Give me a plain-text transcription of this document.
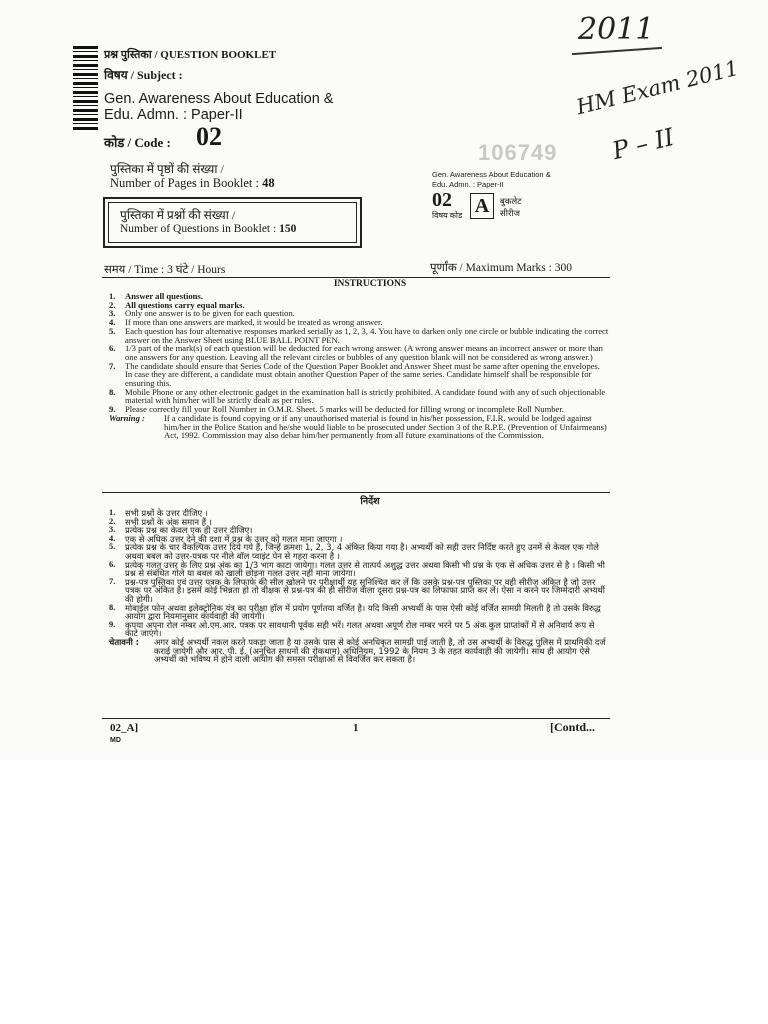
2011
HM Exam 2011
P – II
प्रश्न पुस्तिका / QUESTION BOOKLET
विषय / Subject :
Gen. Awareness About Education &
Edu. Admn. : Paper-II
कोड / Code : 02
पुस्तिका में पृष्ठों की संख्या /
Number of Pages in Booklet : 48
पुस्तिका में प्रश्नों की संख्या /
Number of Questions in Booklet : 150
106749
Gen. Awareness About Education &
Edu. Admn. : Paper-II
02
विषय कोड A	बुकलेट
सीरीज
समय / Time : 3 घंटे / Hours	पूर्णांक / Maximum Marks : 300
INSTRUCTIONS
1. Answer all questions.
2. All questions carry equal marks.
3. Only one answer is to be given for each question.
4. If more than one answers are marked, it would be treated as wrong answer.
5.	Each question has four alternative responses marked serially as 1, 2, 3, 4. You have to darken only one circle or bubble indicating the correct answer on the Answer Sheet using BLUE BALL POINT PEN.
6.	1/3 part of the mark(s) of each question will be deducted for each wrong answer. (A wrong answer means an incorrect answer or more than one answers for any question. Leaving all the relevant circles or bubbles of any question blank will not be considered as wrong answer.)
7.	The candidate should ensure that Series Code of the Question Paper Booklet and Answer Sheet must be same after opening the envelopes. In case they are different, a candidate must obtain another Question Paper of the same series. Candidate himself shall be responsible for ensuring this.
8.	Mobile Phone or any other electronic gadget in the examination hall is strictly prohibited. A candidate found with any of such objectionable material with him/her will be strictly dealt as per rules.
9.	Please correctly fill your Roll Number in O.M.R. Sheet. 5 marks will be deducted for filling wrong or incomplete Roll Number.
Warning :	If a candidate is found copying or if any unauthorised material is found in his/her possession, F.I.R. would be lodged against him/her in the Police Station and he/she would liable to be prosecuted under Section 3 of the R.P.E. (Prevention of Unfairmeans) Act, 1992. Commission may also debar him/her permanently from all future examinations of the Commission.
निर्देश
1.	सभी प्रश्नों के उत्तर दीजिए ।
2.	सभी प्रश्नों के अंक समान हैं ।
3.	प्रत्येक प्रश्न का केवल एक ही उत्तर दीजिए।
4.	एक से अधिक उत्तर देने की दशा में प्रश्न के उत्तर को गलत माना जाएगा ।
5.	प्रत्येक प्रश्न के चार वैकल्पिक उत्तर दिये गये हैं, जिन्हें क्रमशः 1, 2, 3, 4 अंकित किया गया है। अभ्यर्थी को सही उत्तर निर्दिष्ट करते हुए उनमें से केवल एक गोले अथवा बबल को उत्तर-पत्रक पर नीले बॉल प्वाइंट पेन से गहरा करना है ।
6.	प्रत्येक गलत उत्तर के लिए प्रश्न अंक का 1/3 भाग काटा जायेगा। गलत उत्तर से तात्पर्य अशुद्ध उत्तर अथवा किसी भी प्रश्न के एक से अधिक उत्तर से है । किसी भी प्रश्न से संबंधित गोले या बबल को खाली छोड़ना गलत उत्तर नहीं माना जायेगा।
7.	प्रश्न-पत्र पुस्तिका एवं उत्तर पत्रक के लिफाफे की सील खोलने पर परीक्षार्थी यह सुनिश्चित कर लें कि उसके प्रश्न-पत्र पुस्तिका पर वही सीरीज अंकित है जो उत्तर पत्रक पर अंकित है। इसमें कोई भिन्नता हो तो वीक्षक से प्रश्न-पत्र की ही सीरीज वाला दूसरा प्रश्न-पत्र का लिफाफा प्राप्त कर लें। ऐसा न करने पर जिम्मेदारी अभ्यर्थी की होगी।
8.	मोबाईल फोन अथवा इलेक्ट्रोनिक यंत्र का परीक्षा हॉल में प्रयोग पूर्णतया वर्जित है। यदि किसी अभ्यर्थी के पास ऐसी कोई वर्जित सामग्री मिलती है तो उसके विरुद्ध आयोग द्वारा नियमानुसार कार्यवाही की जायेगी।
9.	कृपया अपना रोल नम्बर ओ.एम.आर. पत्रक पर सावधानी पूर्वक सही भरें। गलत अथवा अपूर्ण रोल नम्बर भरने पर 5 अंक कुल प्राप्तांकों में से अनिवार्य रूप से काटे जाएंगे।
चेतावनी :	अगर कोई अभ्यर्थी नकल करते पकड़ा जाता है या उसके पास से कोई अनधिकृत सामग्री पाई जाती है, तो उस अभ्यर्थी के विरुद्ध पुलिस में प्राथमिकी दर्ज कराई जायेगी और आर. पी. ई. (अनुचित साधनों की रोकथाम) अधिनियम, 1992 के नियम 3 के तहत कार्यवाही की जायेगी। साथ ही आयोग ऐसे अभ्यर्थी को भविष्य में होने वाली आयोग की समस्त परीक्षाओं से विवर्जित कर सकता है।
02_A]
MD
1	[Contd...
